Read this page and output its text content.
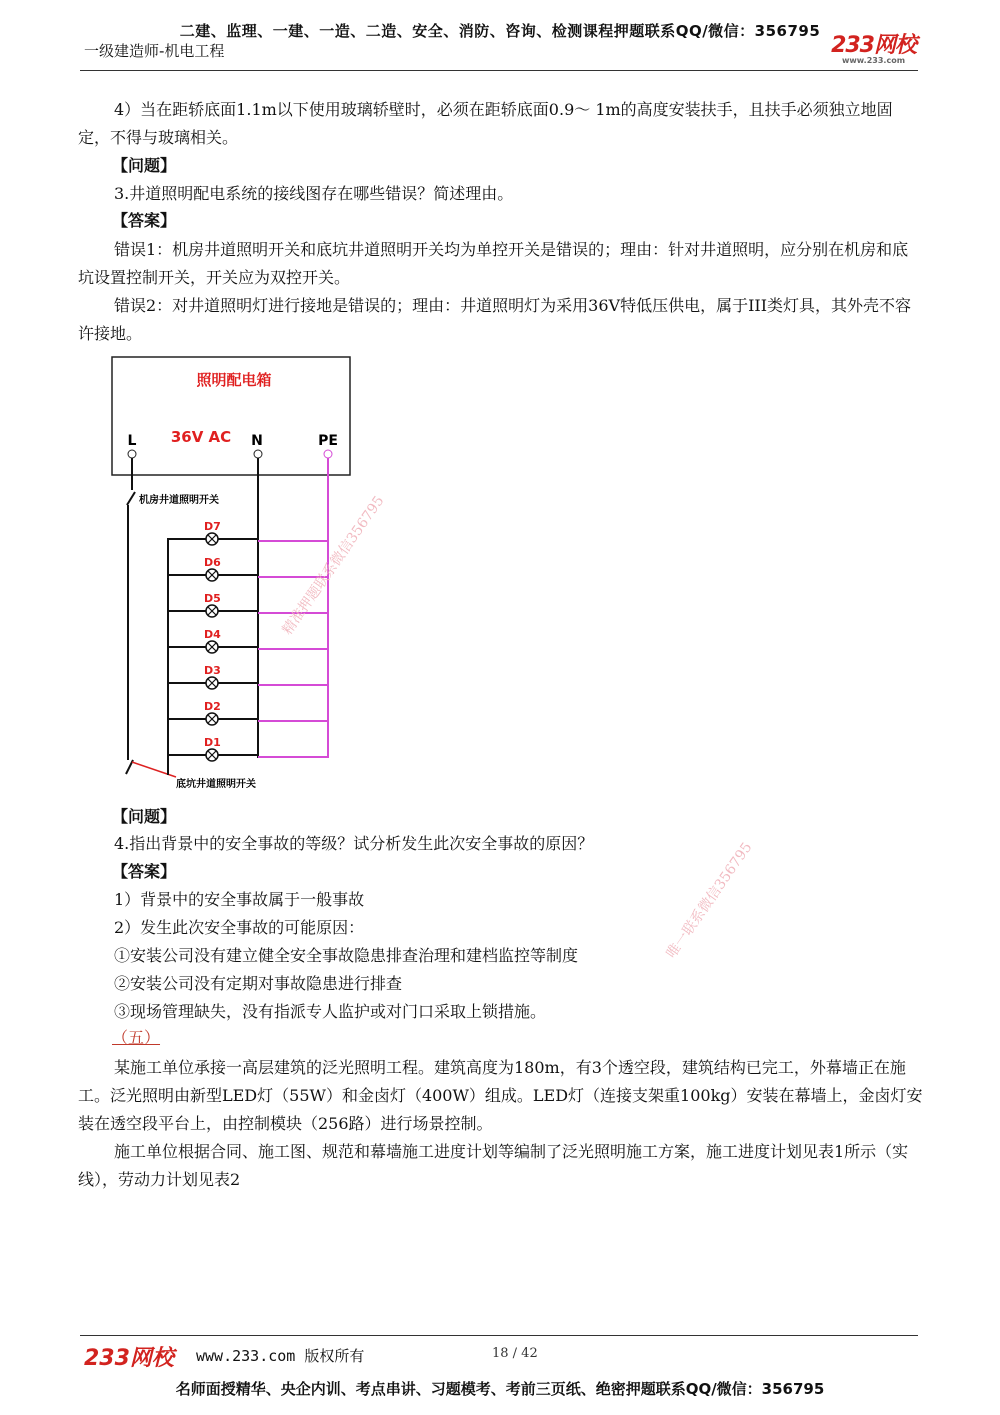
二建、监理、一建、一造、二造、安全、消防、咨询、检测课程押题联系QQ/微信：356795
一级建造师-机电工程	233网校
www.233.com

4）当在距轿底面1.1m以下使用玻璃轿壁时，必须在距轿底面0.9～ 1m的高度安装扶手，且扶手必须独立地固定，不得与玻璃相关。

【问题】

3.井道照明配电系统的接线图存在哪些错误？简述理由。

【答案】

错误1：机房井道照明开关和底坑井道照明开关均为单控开关是错误的；理由：针对井道照明，应分别在机房和底坑设置控制开关，开关应为双控开关。

错误2：对井道照明灯进行接地是错误的；理由：井道照明灯为采用36V特低压供电，属于III类灯具，其外壳不容许接地。

照明配电箱
36V AC
L	N	PE
机房井道照明开关
底坑井道照明开关
D7
D6
D5
D4
D3
D2
D1
精准押题联系微信356795
唯一联系微信356795
【问题】

4.指出背景中的安全事故的等级？试分析发生此次安全事故的原因？

【答案】

1）背景中的安全事故属于一般事故

2）发生此次安全事故的可能原因：

①安装公司没有建立健全安全事故隐患排查治理和建档监控等制度

②安装公司没有定期对事故隐患进行排查

③现场管理缺失，没有指派专人监护或对门口采取上锁措施。

（五）

某施工单位承接一高层建筑的泛光照明工程。建筑高度为180m，有3个透空段，建筑结构已完工，外幕墙正在施工。泛光照明由新型LED灯（55W）和金卤灯（400W）组成。LED灯（连接支架重100kg）安装在幕墙上，金卤灯安装在透空段平台上，由控制模块（256路）进行场景控制。

施工单位根据合同、施工图、规范和幕墙施工进度计划等编制了泛光照明施工方案，施工进度计划见表1所示（实线），劳动力计划见表2

233网校 www.233.com 版权所有	18 / 42
名师面授精华、央企内训、考点串讲、习题模考、考前三页纸、绝密押题联系QQ/微信：356795
